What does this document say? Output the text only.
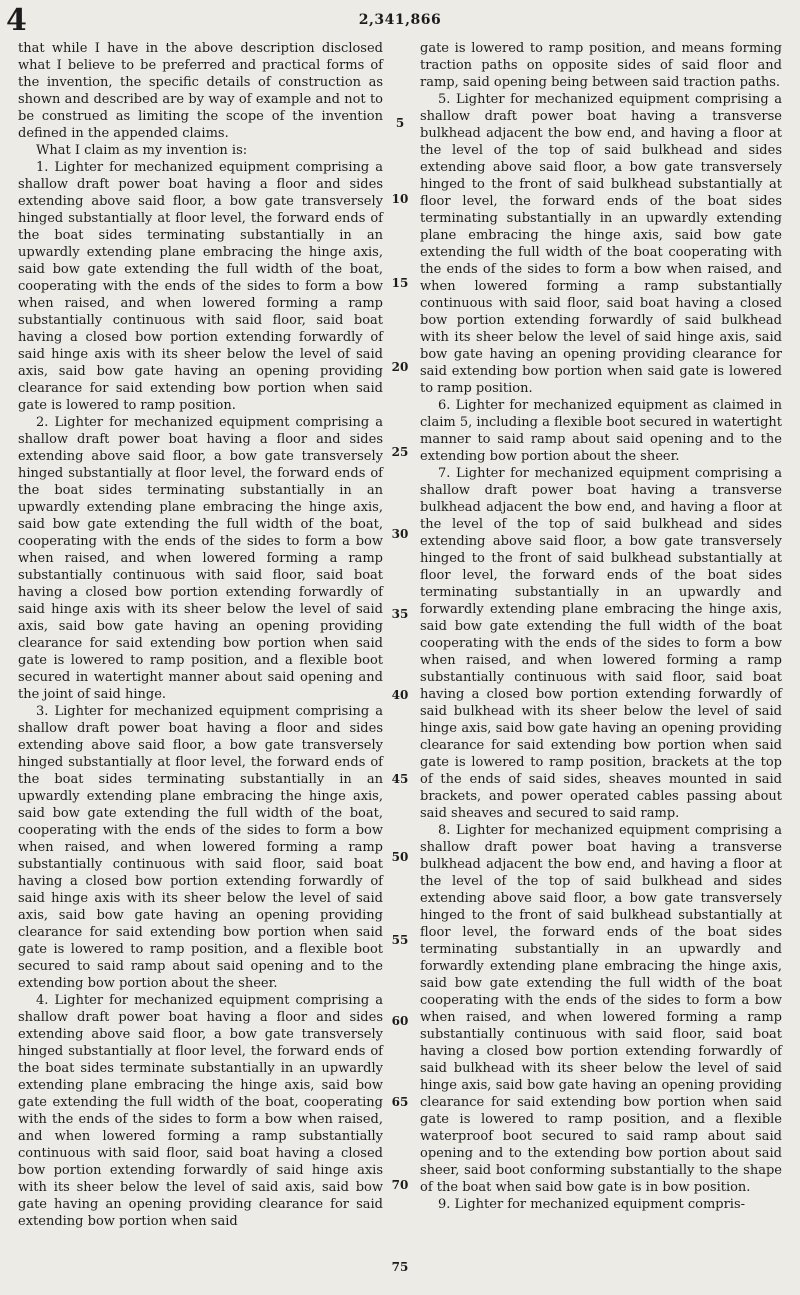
4	2,341,866

that while I have in the above description disclosed what I believe to be preferred and practical forms of the invention, the specific details of construction as shown and described are by way of example and not to be construed as limiting the scope of the invention defined in the appended claims.

What I claim as my invention is:

1. Lighter for mechanized equipment comprising a shallow draft power boat having a floor and sides extending above said floor, a bow gate transversely hinged substantially at floor level, the forward ends of the boat sides terminating substantially in an upwardly extending plane embracing the hinge axis, said bow gate extending the full width of the boat, cooperating with the ends of the sides to form a bow when raised, and when lowered forming a ramp substantially continuous with said floor, said boat having a closed bow portion extending forwardly of said hinge axis with its sheer below the level of said axis, said bow gate having an opening providing clearance for said extending bow portion when said gate is lowered to ramp position.

2. Lighter for mechanized equipment comprising a shallow draft power boat having a floor and sides extending above said floor, a bow gate transversely hinged substantially at floor level, the forward ends of the boat sides terminating substantially in an upwardly extending plane embracing the hinge axis, said bow gate extending the full width of the boat, cooperating with the ends of the sides to form a bow when raised, and when lowered forming a ramp substantially continuous with said floor, said boat having a closed bow portion extending forwardly of said hinge axis with its sheer below the level of said axis, said bow gate having an opening providing clearance for said extending bow portion when said gate is lowered to ramp position, and a flexible boot secured in watertight manner about said opening and the joint of said hinge.

3. Lighter for mechanized equipment comprising a shallow draft power boat having a floor and sides extending above said floor, a bow gate transversely hinged substantially at floor level, the forward ends of the boat sides terminating substantially in an upwardly extending plane embracing the hinge axis, said bow gate extending the full width of the boat, cooperating with the ends of the sides to form a bow when raised, and when lowered forming a ramp substantially continuous with said floor, said boat having a closed bow portion extending forwardly of said hinge axis with its sheer below the level of said axis, said bow gate having an opening providing clearance for said extending bow portion when said gate is lowered to ramp position, and a flexible boot secured to said ramp about said opening and to the extending bow portion about the sheer.

4. Lighter for mechanized equipment comprising a shallow draft power boat having a floor and sides extending above said floor, a bow gate transversely hinged substantially at floor level, the forward ends of the boat sides terminate substantially in an upwardly extending plane embracing the hinge axis, said bow gate extending the full width of the boat, cooperating with the ends of the sides to form a bow when raised, and when lowered forming a ramp substantially continuous with said floor, said boat having a closed bow portion extending forwardly of said hinge axis with its sheer below the level of said axis, said bow gate having an opening providing clearance for said extending bow portion when said

5
10
15
20
25
30
35
40
45
50
55
60
65
70
75

gate is lowered to ramp position, and means forming traction paths on opposite sides of said floor and ramp, said opening being between said traction paths.

5. Lighter for mechanized equipment comprising a shallow draft power boat having a transverse bulkhead adjacent the bow end, and having a floor at the level of the top of said bulkhead and sides extending above said floor, a bow gate transversely hinged to the front of said bulkhead substantially at floor level, the forward ends of the boat sides terminating substantially in an upwardly extending plane embracing the hinge axis, said bow gate extending the full width of the boat cooperating with the ends of the sides to form a bow when raised, and when lowered forming a ramp substantially continuous with said floor, said boat having a closed bow portion extending forwardly of said bulkhead with its sheer below the level of said hinge axis, said bow gate having an opening providing clearance for said extending bow portion when said gate is lowered to ramp position.

6. Lighter for mechanized equipment as claimed in claim 5, including a flexible boot secured in watertight manner to said ramp about said opening and to the extending bow portion about the sheer.

7. Lighter for mechanized equipment comprising a shallow draft power boat having a transverse bulkhead adjacent the bow end, and having a floor at the level of the top of said bulkhead and sides extending above said floor, a bow gate transversely hinged to the front of said bulkhead substantially at floor level, the forward ends of the boat sides terminating substantially in an upwardly and forwardly extending plane embracing the hinge axis, said bow gate extending the full width of the boat cooperating with the ends of the sides to form a bow when raised, and when lowered forming a ramp substantially continuous with said floor, said boat having a closed bow portion extending forwardly of said bulkhead with its sheer below the level of said hinge axis, said bow gate having an opening providing clearance for said extending bow portion when said gate is lowered to ramp position, brackets at the top of the ends of said sides, sheaves mounted in said brackets, and power operated cables passing about said sheaves and secured to said ramp.

8. Lighter for mechanized equipment comprising a shallow draft power boat having a transverse bulkhead adjacent the bow end, and having a floor at the level of the top of said bulkhead and sides extending above said floor, a bow gate transversely hinged to the front of said bulkhead substantially at floor level, the forward ends of the boat sides terminating substantially in an upwardly and forwardly extending plane embracing the hinge axis, said bow gate extending the full width of the boat cooperating with the ends of the sides to form a bow when raised, and when lowered forming a ramp substantially continuous with said floor, said boat having a closed bow portion extending forwardly of said bulkhead with its sheer below the level of said hinge axis, said bow gate having an opening providing clearance for said extending bow portion when said gate is lowered to ramp position, and a flexible waterproof boot secured to said ramp about said opening and to the extending bow portion about said sheer, said boot conforming substantially to the shape of the boat when said bow gate is in bow position.

9. Lighter for mechanized equipment compris-
